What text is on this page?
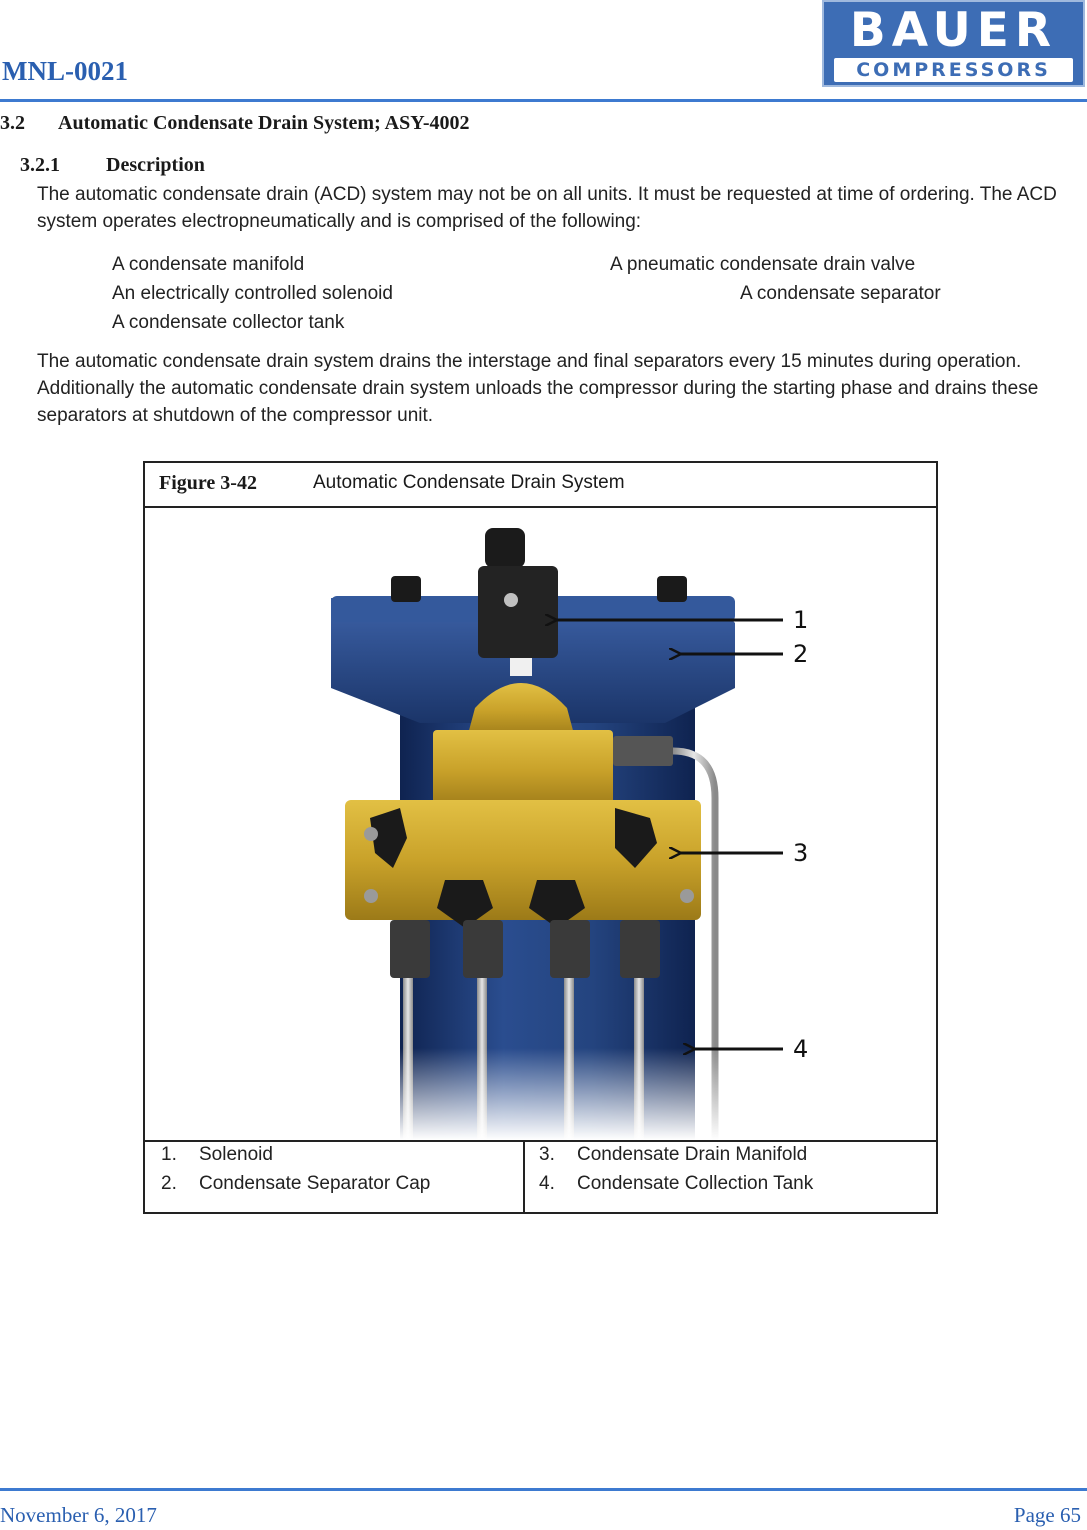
MNL-0021
BAUER
COMPRESSORS
3.2 Automatic Condensate Drain System; ASY-4002
3.2.1 Description
The automatic condensate drain (ACD) system may not be on all units. It must be requested at time of ordering. The ACD system operates electropneumatically and is comprised of the following:
A condensate manifold	A pneumatic condensate drain valve
An electrically controlled solenoid	A condensate separator
A condensate collector tank
The automatic condensate drain system drains the interstage and final separators every 15 minutes during operation. Additionally the automatic condensate drain system unloads the compressor during the starting phase and drains these separators at shutdown of the compressor unit.
Figure 3-42	Automatic Condensate Drain System
1
2
3
4
1. Solenoid
2. Condensate Separator Cap
3. Condensate Drain Manifold
4. Condensate Collection Tank
November 6, 2017	Page 65
